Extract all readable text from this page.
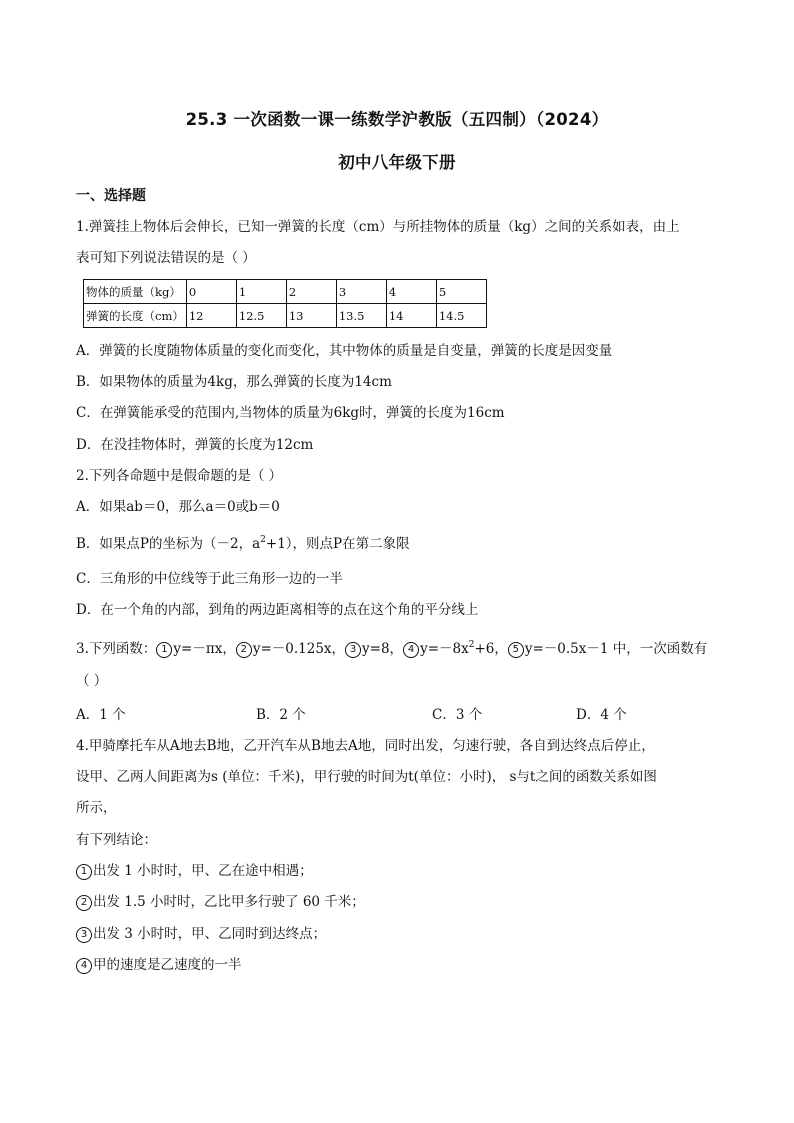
25.3 一次函数一课一练数学沪教版（五四制）（2024）
初中八年级下册
一、选择题
1.弹簧挂上物体后会伸长，已知一弹簧的长度（cm）与所挂物体的质量（kg）之间的关系如表，由上
表可知下列说法错误的是（ ）
物体的质量（kg）	0	1	2	3	4	5
弹簧的长度（cm）	12	12.5	13	13.5	14	14.5
A．弹簧的长度随物体质量的变化而变化，其中物体的质量是自变量，弹簧的长度是因变量
B．如果物体的质量为4kg，那么弹簧的长度为14cm
C．在弹簧能承受的范围内,当物体的质量为6kg时，弹簧的长度为16cm
D．在没挂物体时，弹簧的长度为12cm
2.下列各命题中是假命题的是（ ）
A．如果ab＝0，那么a＝0或b＝0
B．如果点P的坐标为（－2，$a^2+1$），则点P在第二象限
C．三角形的中位线等于此三角形一边的一半
D．在一个角的内部，到角的两边距离相等的点在这个角的平分线上
3.下列函数： 1 y=－πx， 2 y=－0.125x， 3 y=8， 4 $y=-8x^2+6$， 5 y=－0.5x－1 中，一次函数有
（ ）
A．1 个	B．2 个	C．3 个	D．4 个
4.甲骑摩托车从A地去B地，乙开汽车从B地去A地，同时出发，匀速行驶，各自到达终点后停止，
设甲、乙两人间距离为s (单位：千米)，甲行驶的时间为t(单位：小时)， s与t之间的函数关系如图
所示，
有下列结论：
1 出发 1 小时时，甲、乙在途中相遇；
2 出发 1.5 小时时，乙比甲多行驶了 60 千米；
3 出发 3 小时时，甲、乙同时到达终点；
4 甲的速度是乙速度的一半
